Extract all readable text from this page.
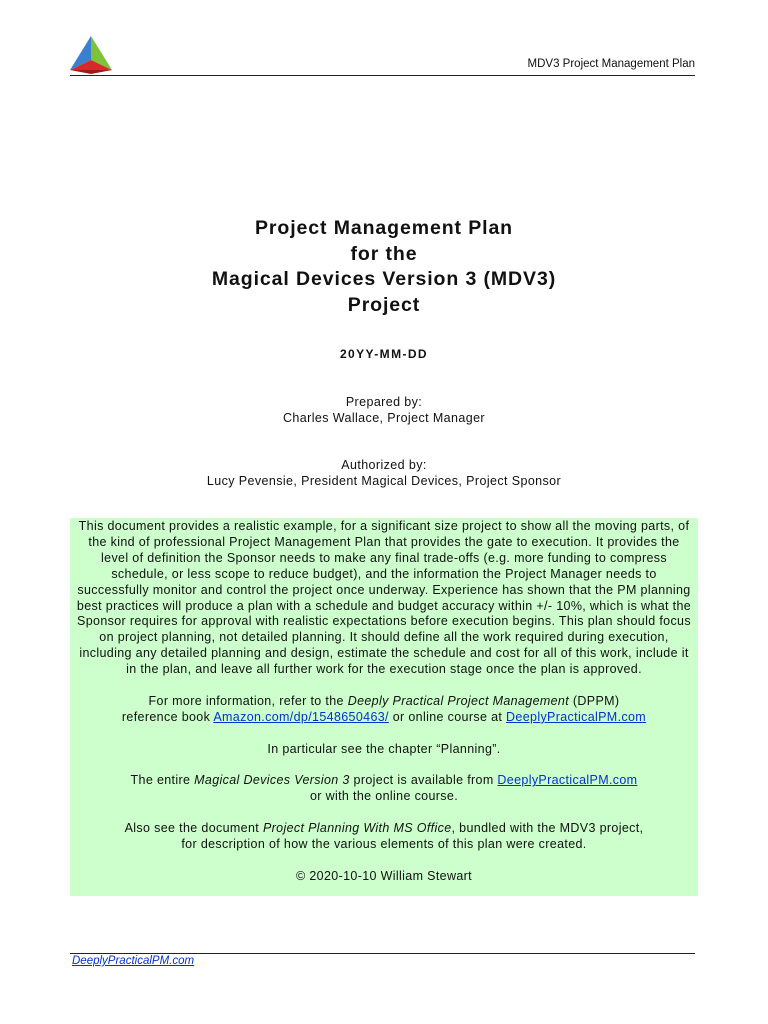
MDV3 Project Management Plan
Project Management Plan
for the
Magical Devices Version 3 (MDV3)
Project
20YY-MM-DD
Prepared by:
Charles Wallace, Project Manager
Authorized by:
Lucy Pevensie, President Magical Devices, Project Sponsor

This document provides a realistic example, for a significant size project to show all the moving parts, of the kind of professional Project Management Plan that provides the gate to execution. It provides the level of definition the Sponsor needs to make any final trade-offs (e.g. more funding to compress schedule, or less scope to reduce budget), and the information the Project Manager needs to successfully monitor and control the project once underway. Experience has shown that the PM planning best practices will produce a plan with a schedule and budget accuracy within +/- 10%, which is what the Sponsor requires for approval with realistic expectations before execution begins. This plan should focus on project planning, not detailed planning. It should define all the work required during execution, including any detailed planning and design, estimate the schedule and cost for all of this work, include it in the plan, and leave all further work for the execution stage once the plan is approved.

For more information, refer to the Deeply Practical Project Management (DPPM)
reference book Amazon.com/dp/1548650463/ or online course at DeeplyPracticalPM.com

In particular see the chapter “Planning”.

The entire Magical Devices Version 3 project is available from DeeplyPracticalPM.com
or with the online course.

Also see the document Project Planning With MS Office, bundled with the MDV3 project,
for description of how the various elements of this plan were created.

© 2020-10-10 William Stewart

DeeplyPracticalPM.com
